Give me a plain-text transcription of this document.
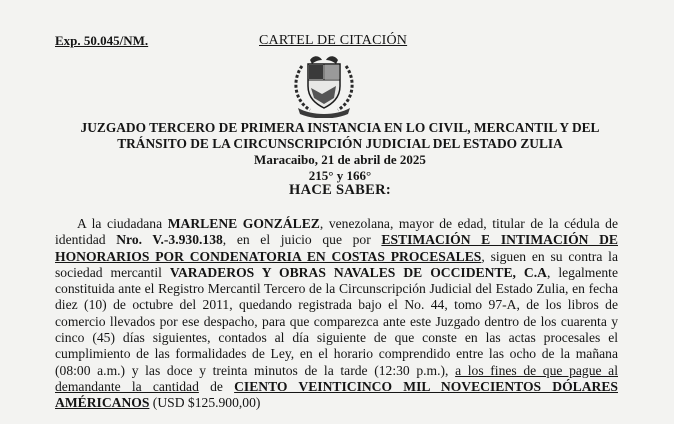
Exp. 50.045/NM.	CARTEL DE CITACIÓN
JUZGADO TERCERO DE PRIMERA INSTANCIA EN LO CIVIL, MERCANTIL Y DEL
TRÁNSITO DE LA CIRCUNSCRIPCIÓN JUDICIAL DEL ESTADO ZULIA
Maracaibo, 21 de abril de 2025
215° y 166°
HACE SABER:

A la ciudadana MARLENE GONZÁLEZ, venezolana, mayor de edad, titular de la cédula de identidad Nro. V.-3.930.138, en el juicio que por ESTIMACIÓN E INTIMACIÓN DE HONORARIOS POR CONDENATORIA EN COSTAS PROCESALES, siguen en su contra la sociedad mercantil VARADEROS Y OBRAS NAVALES DE OCCIDENTE, C.A, legalmente constituida ante el Registro Mercantil Tercero de la Circunscripción Judicial del Estado Zulia, en fecha diez (10) de octubre del 2011, quedando registrada bajo el No. 44, tomo 97-A, de los libros de comercio llevados por ese despacho, para que comparezca ante este Juzgado dentro de los cuarenta y cinco (45) días siguientes, contados al día siguiente de que conste en las actas procesales el cumplimiento de las formalidades de Ley, en el horario comprendido entre las ocho de la mañana (08:00 a.m.) y las doce y treinta minutos de la tarde (12:30 p.m.), a los fines de que pague al demandante la cantidad de CIENTO VEINTICINCO MIL NOVECIENTOS DÓLARES AMÉRICANOS (USD $125.900,00)
